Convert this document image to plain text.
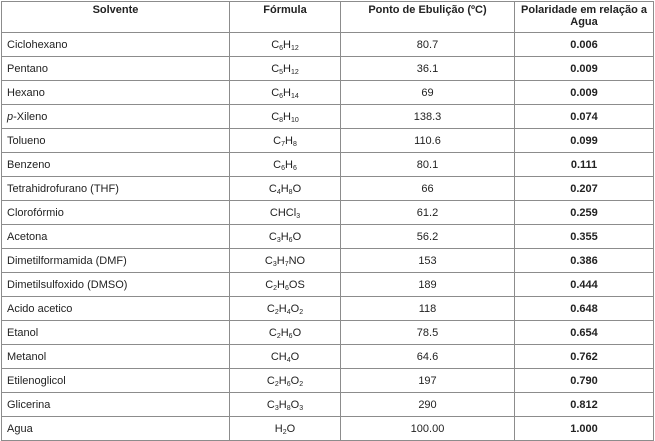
Solvente	Fórmula	Ponto de Ebulição (ºC)	Polaridade em relação a Agua
Ciclohexano	$C_6H_{12}$	80.7	0.006
Pentano	$C_5H_{12}$	36.1	0.009
Hexano	$C_6H_{14}$	69	0.009
p-Xileno	$C_8H_{10}$	138.3	0.074
Tolueno	$C_7H_8$	110.6	0.099
Benzeno	$C_6H_6$	80.1	0.111
Tetrahidrofurano (THF)	$C_4H_8O$	66	0.207
Clorofórmio	CHCl$_3$	61.2	0.259
Acetona	$C_3H_6O$	56.2	0.355
Dimetilformamida (DMF)	$C_3H_7NO$	153	0.386
Dimetilsulfoxido (DMSO)	$C_2H_6OS$	189	0.444
Acido acetico	$C_2H_4O_2$	118	0.648
Etanol	$C_2H_6O$	78.5	0.654
Metanol	$CH_4O$	64.6	0.762
Etilenoglicol	$C_2H_6O_2$	197	0.790
Glicerina	$C_3H_8O_3$	290	0.812
Agua	$H_2O$	100.00	1.000
